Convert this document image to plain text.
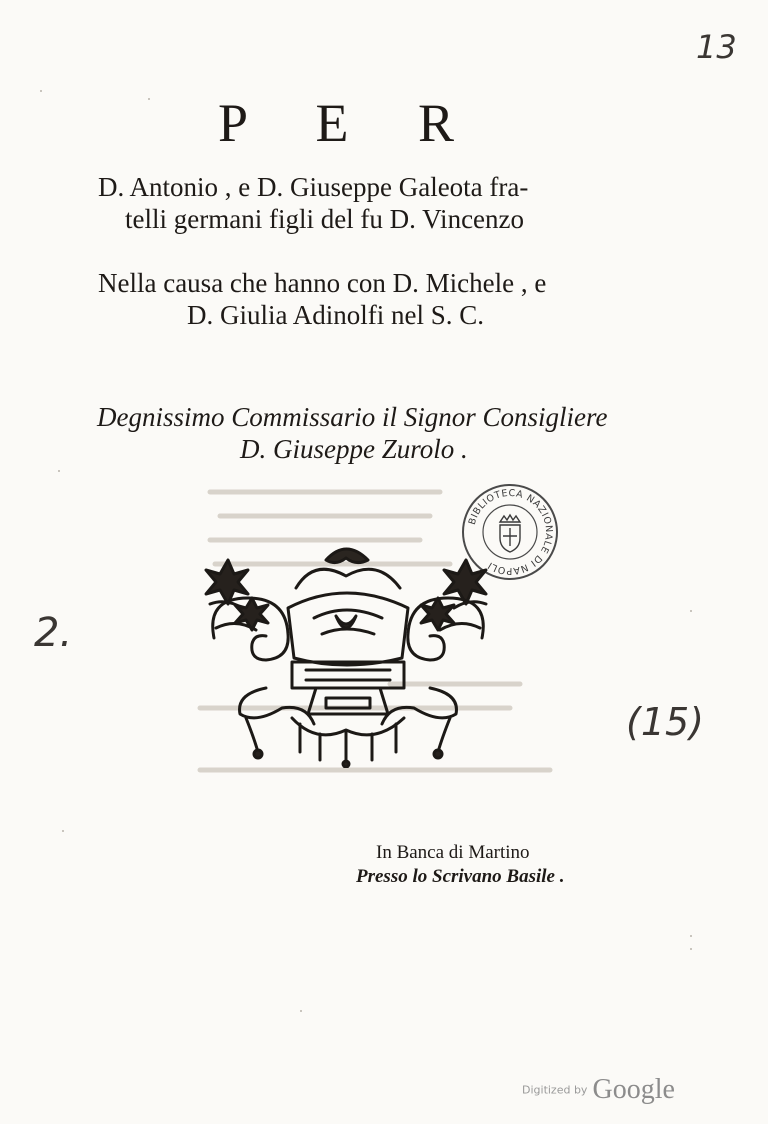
13
P E R
D. Antonio , e D. Giuseppe Galeota fra-
telli germani figli del fu D. Vincenzo
Nella causa che hanno con D. Michele , e
D. Giulia Adinolfi nel S. C.
Degnissimo Commissario il Signor Consigliere
D. Giuseppe Zurolo .
BIBLIOTECA NAZIONALE DI NAPOLI
2.
(15)
In Banca di Martino
Presso lo Scrivano Basile .
Digitized by Google
